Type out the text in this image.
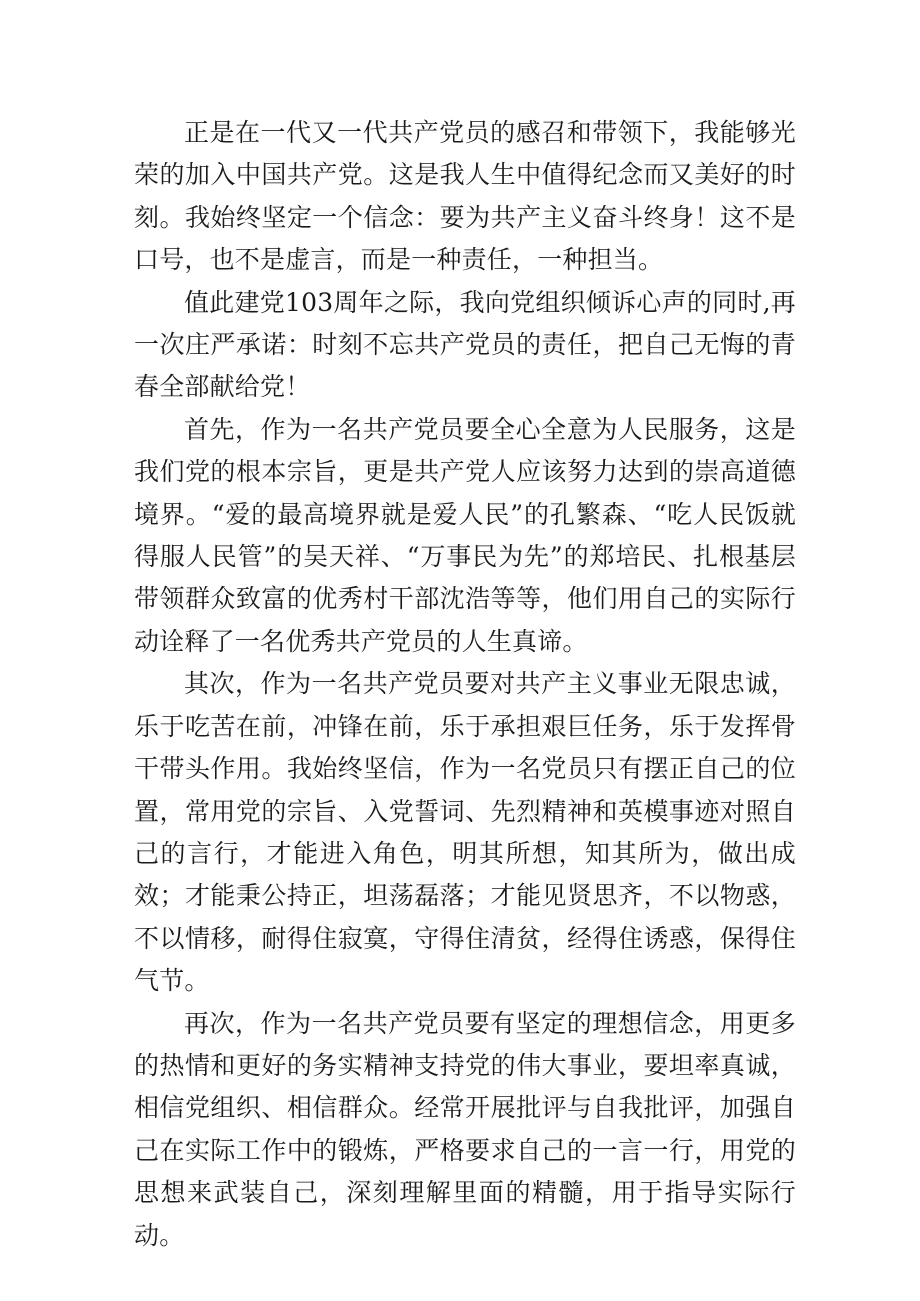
正是在一代又一代共产党员的感召和带领下，我能够光荣的加入中国共产党。这是我人生中值得纪念而又美好的时刻。我始终坚定一个信念：要为共产主义奋斗终身！这不是口号，也不是虚言，而是一种责任，一种担当。

值此建党103周年之际，我向党组织倾诉心声的同时,再一次庄严承诺：时刻不忘共产党员的责任，把自己无悔的青春全部献给党！

首先，作为一名共产党员要全心全意为人民服务，这是我们党的根本宗旨，更是共产党人应该努力达到的崇高道德境界。“爱的最高境界就是爱人民”的孔繁森、“吃人民饭就得服人民管”的吴天祥、“万事民为先”的郑培民、扎根基层带领群众致富的优秀村干部沈浩等等，他们用自己的实际行动诠释了一名优秀共产党员的人生真谛。

其次，作为一名共产党员要对共产主义事业无限忠诚，乐于吃苦在前，冲锋在前，乐于承担艰巨任务，乐于发挥骨干带头作用。我始终坚信，作为一名党员只有摆正自己的位置，常用党的宗旨、入党誓词、先烈精神和英模事迹对照自己的言行，才能进入角色，明其所想，知其所为，做出成效；才能秉公持正，坦荡磊落；才能见贤思齐，不以物惑，不以情移，耐得住寂寞，守得住清贫，经得住诱惑，保得住气节。

再次，作为一名共产党员要有坚定的理想信念，用更多的热情和更好的务实精神支持党的伟大事业，要坦率真诚，相信党组织、相信群众。经常开展批评与自我批评，加强自己在实际工作中的锻炼，严格要求自己的一言一行，用党的思想来武装自己，深刻理解里面的精髓，用于指导实际行动。
